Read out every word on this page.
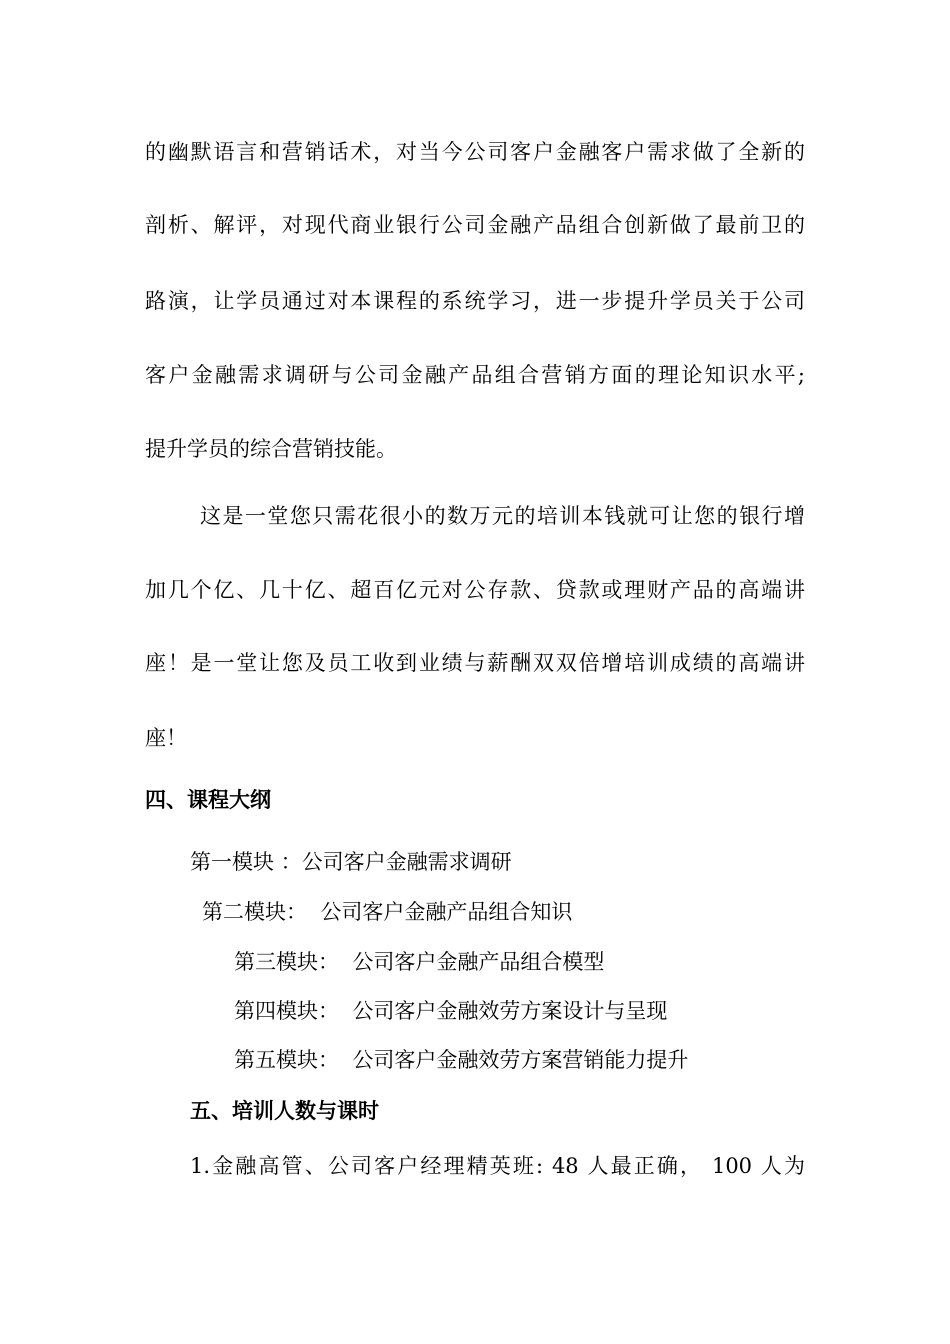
的幽默语言和营销话术，对当今公司客户金融客户需求做了全新的
剖析、解评，对现代商业银行公司金融产品组合创新做了最前卫的
路演，让学员通过对本课程的系统学习，进一步提升学员关于公司
客户金融需求调研与公司金融产品组合营销方面的理论知识水平;
提升学员的综合营销技能。
这是一堂您只需花很小的数万元的培训本钱就可让您的银行增
加几个亿、几十亿、超百亿元对公存款、贷款或理财产品的高端讲
座！是一堂让您及员工收到业绩与薪酬双双倍增培训成绩的高端讲
座！
四、课程大纲
第一模块 ：公司客户金融需求调研
第二模块：  公司客户金融产品组合知识
第三模块：  公司客户金融产品组合模型
第四模块：  公司客户金融效劳方案设计与呈现
第五模块：  公司客户金融效劳方案营销能力提升
五、培训人数与课时
1.金融高管、公司客户经理精英班: 48 人最正确， 100 人为
